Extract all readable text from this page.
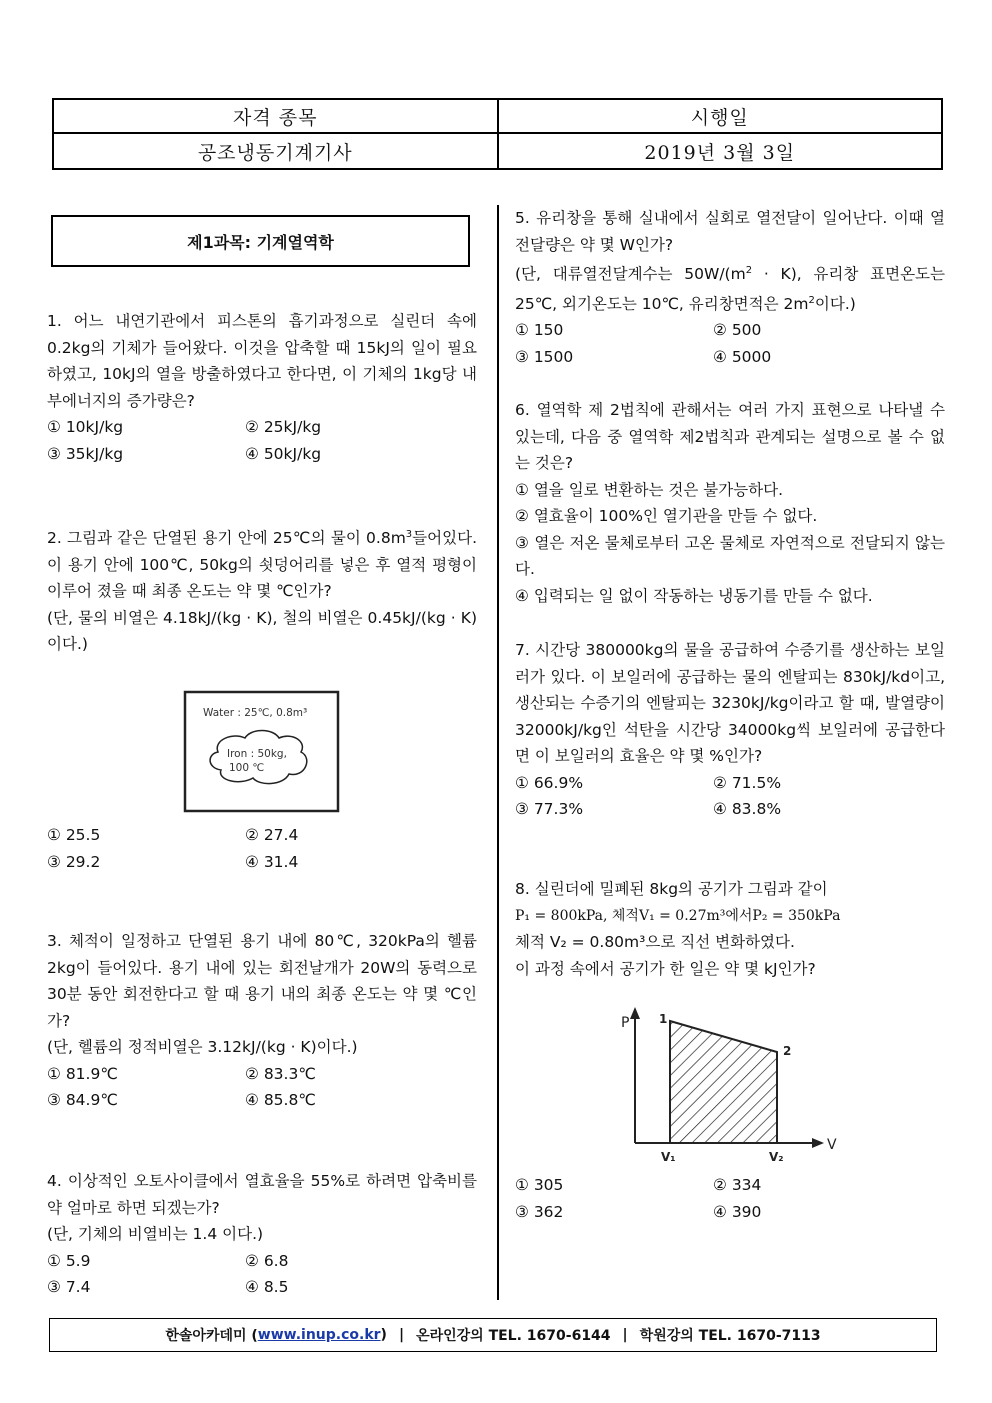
자격 종목	시행일
공조냉동기계기사	2019년 3월 3일
제1과목: 기계열역학

1. 어느 내연기관에서 피스톤의 흡기과정으로 실린더 속에 0.2kg의 기체가 들어왔다. 이것을 압축할 때 15kJ의 일이 필요하였고, 10kJ의 열을 방출하였다고 한다면, 이 기체의 1kg당 내부에너지의 증가량은?

① 10kJ/kg	② 25kJ/kg
③ 35kJ/kg	④ 50kJ/kg

2. 그림과 같은 단열된 용기 안에 25℃의 물이 $0.8m^3$들어있다. 이 용기 안에 100℃, 50kg의 쇳덩어리를 넣은 후 열적 평형이 이루어 졌을 때 최종 온도는 약 몇 ℃인가?

(단, 물의 비열은 4.18kJ/(kg · K), 철의 비열은 0.45kJ/(kg · K)이다.)

Water : 25℃, 0.8m³
Iron : 50kg,
100 ℃
① 25.5	② 27.4
③ 29.2	④ 31.4

3. 체적이 일정하고 단열된 용기 내에 80℃, 320kPa의 헬륨 2kg이 들어있다. 용기 내에 있는 회전날개가 20W의 동력으로 30분 동안 회전한다고 할 때 용기 내의 최종 온도는 약 몇 ℃인가?

(단, 헬륨의 정적비열은 3.12kJ/(kg · K)이다.)

① 81.9℃	② 83.3℃
③ 84.9℃	④ 85.8℃

4. 이상적인 오토사이클에서 열효율을 55%로 하려면 압축비를 약 얼마로 하면 되겠는가?

(단, 기체의 비열비는 1.4 이다.)

① 5.9	② 6.8
③ 7.4	④ 8.5

5. 유리창을 통해 실내에서 실회로 열전달이 일어난다. 이때 열전달량은 약 몇 W인가?

(단, 대류열전달계수는 $50W/(m^2 \cdot K)$, 유리창 표면온도는 25℃, 외기온도는 10℃, 유리창면적은 $2m^2$이다.)

① 150	② 500
③ 1500	④ 5000

6. 열역학 제 2법칙에 관해서는 여러 가지 표현으로 나타낼 수 있는데, 다음 중 열역학 제2법칙과 관계되는 설명으로 볼 수 없는 것은?

① 열을 일로 변환하는 것은 불가능하다.

② 열효율이 100%인 열기관을 만들 수 없다.

③ 열은 저온 물체로부터 고온 물체로 자연적으로 전달되지 않는다.

④ 입력되는 일 없이 작동하는 냉동기를 만들 수 없다.

7. 시간당 380000kg의 물을 공급하여 수증기를 생산하는 보일러가 있다. 이 보일러에 공급하는 물의 엔탈피는 830kJ/kd이고, 생산되는 수증기의 엔탈피는 3230kJ/kg이라고 할 때, 발열량이 32000kJ/kg인 석탄을 시간당 34000kg씩 보일러에 공급한다면 이 보일러의 효율은 약 몇 %인가?

① 66.9%	② 71.5%
③ 77.3%	④ 83.8%

8. 실린더에 밀폐된 8kg의 공기가 그림과 같이

P₁ = 800kPa, 체적V₁ = 0.27m³에서P₂ = 350kPa

체적 V₂ = 0.80m³으로 직선 변화하였다.

이 과정 속에서 공기가 한 일은 약 몇 kJ인가?

P
V
1
2
V₁	V₂
① 305	② 334
③ 362	④ 390
한솔아카데미 ( www.inup.co.kr ) | 온라인강의 TEL. 1670-6144 | 학원강의 TEL. 1670-7113
